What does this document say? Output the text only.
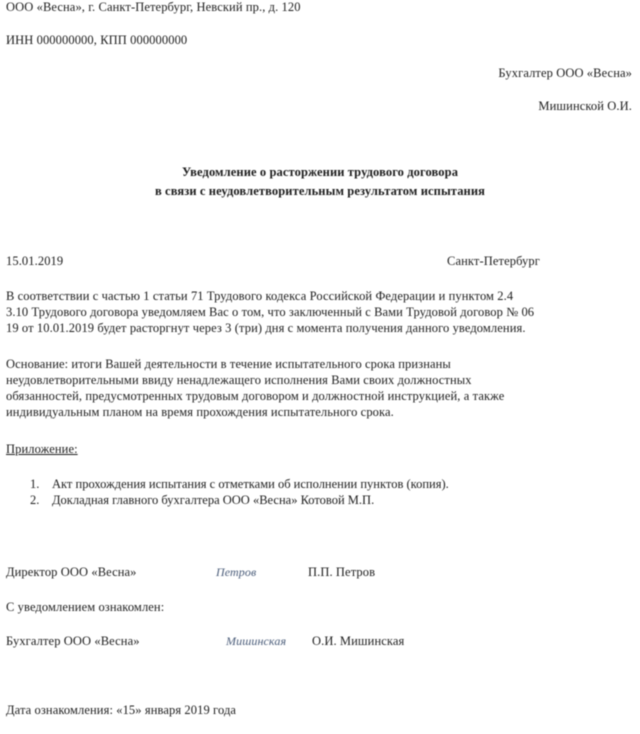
ООО «Весна», г. Санкт-Петербург, Невский пр., д. 120
ИНН 000000000, КПП 000000000
Бухгалтер ООО «Весна»
Мишинской О.И.
Уведомление о расторжении трудового договора
в связи с неудовлетворительным результатом испытания
15.01.2019	Санкт-Петербург
В соответствии с частью 1 статьи 71 Трудового кодекса Российской Федерации и пунктом 2.4
3.10 Трудового договора уведомляем Вас о том, что заключенный с Вами Трудовой договор № 06
19 от 10.01.2019 будет расторгнут через 3 (три) дня с момента получения данного уведомления.
Основание: итоги Вашей деятельности в течение испытательного срока признаны
неудовлетворительными ввиду ненадлежащего исполнения Вами своих должностных
обязанностей, предусмотренных трудовым договором и должностной инструкцией, а также
индивидуальным планом на время прохождения испытательного срока.
Приложение:
1. Акт прохождения испытания с отметками об исполнении пунктов (копия).
2. Докладная главного бухгалтера ООО «Весна» Котовой М.П.
Директор ООО «Весна»	Петров	П.П. Петров
С уведомлением ознакомлен:
Бухгалтер ООО «Весна»	Мишинская О.И. Мишинская
Дата ознакомления: «15» января 2019 года
